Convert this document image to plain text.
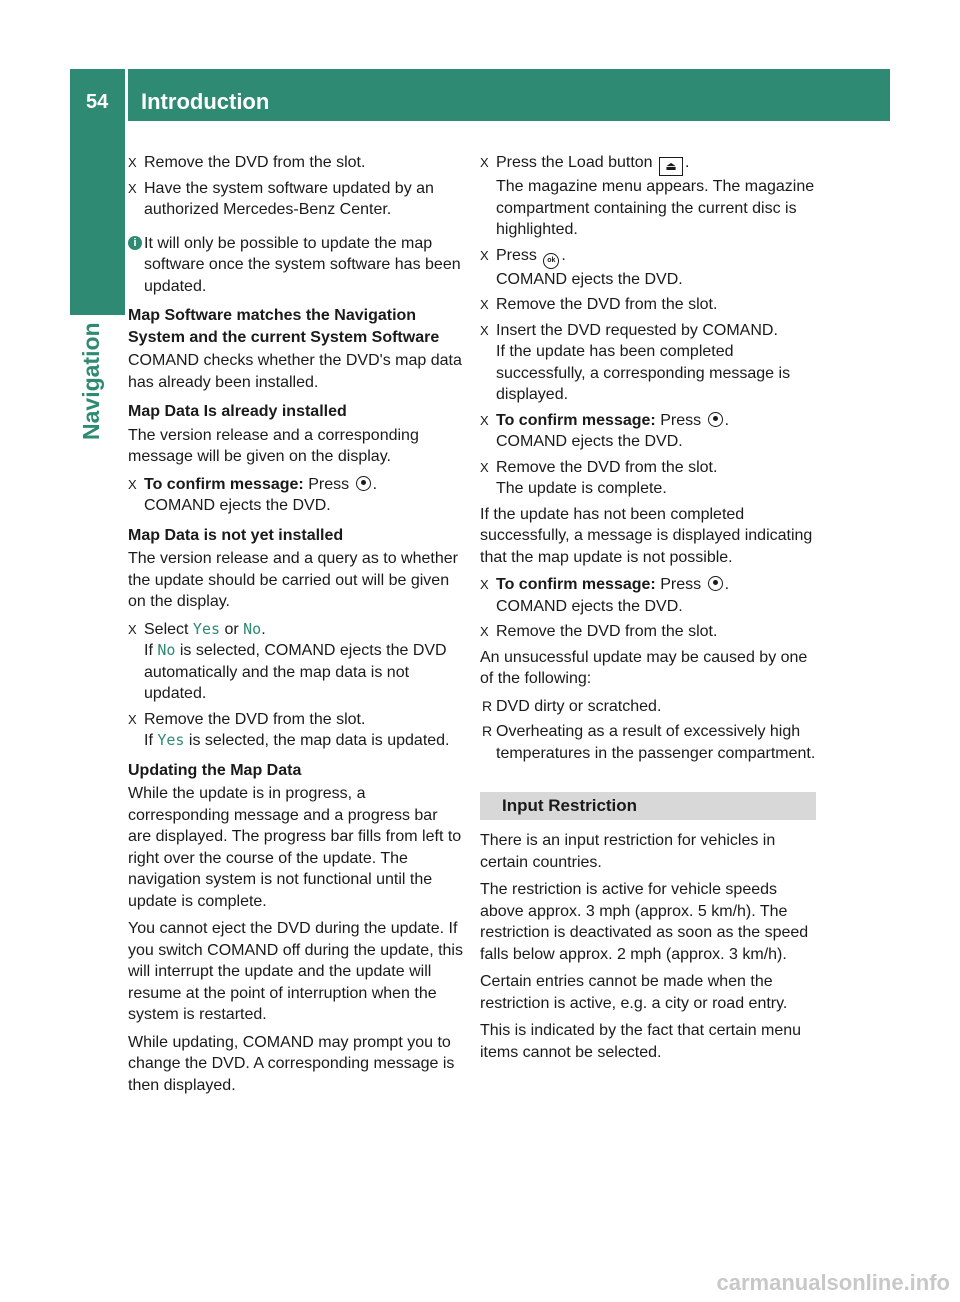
54 Introduction
Navigation
X Remove the DVD from the slot.
X Have the system software updated by an authorized Mercedes-Benz Center.
i It will only be possible to update the map software once the system software has been updated.
Map Software matches the Navigation System and the current System Software
COMAND checks whether the DVD's map data has already been installed.
Map Data Is already installed
The version release and a corresponding message will be given on the display.
X To confirm message: Press .
COMAND ejects the DVD.
Map Data is not yet installed
The version release and a query as to whether the update should be carried out will be given on the display.
X Select Yes or No.
If No is selected, COMAND ejects the DVD automatically and the map data is not updated.
X Remove the DVD from the slot.
If Yes is selected, the map data is updated.
Updating the Map Data
While the update is in progress, a corresponding message and a progress bar are displayed. The progress bar fills from left to right over the course of the update. The navigation system is not functional until the update is complete.
You cannot eject the DVD during the update. If you switch COMAND off during the update, this will interrupt the update and the update will resume at the point of interruption when the system is restarted.
While updating, COMAND may prompt you to change the DVD. A corresponding message is then displayed.
X Press the Load button ⏏ .
The magazine menu appears. The magazine compartment containing the current disc is highlighted.
X Press ok .
COMAND ejects the DVD.
X Remove the DVD from the slot.
X Insert the DVD requested by COMAND.
If the update has been completed successfully, a corresponding message is displayed.
X To confirm message: Press .
COMAND ejects the DVD.
X Remove the DVD from the slot.
The update is complete.
If the update has not been completed successfully, a message is displayed indicating that the map update is not possible.
X To confirm message: Press .
COMAND ejects the DVD.
X Remove the DVD from the slot.
An unsucessful update may be caused by one of the following:
R DVD dirty or scratched.
R Overheating as a result of excessively high temperatures in the passenger compartment.
Input Restriction
There is an input restriction for vehicles in certain countries.
The restriction is active for vehicle speeds above approx. 3 mph (approx. 5 km/h). The restriction is deactivated as soon as the speed falls below approx. 2 mph (approx. 3 km/h).
Certain entries cannot be made when the restriction is active, e.g. a city or road entry.
This is indicated by the fact that certain menu items cannot be selected.
carmanualsonline.info
